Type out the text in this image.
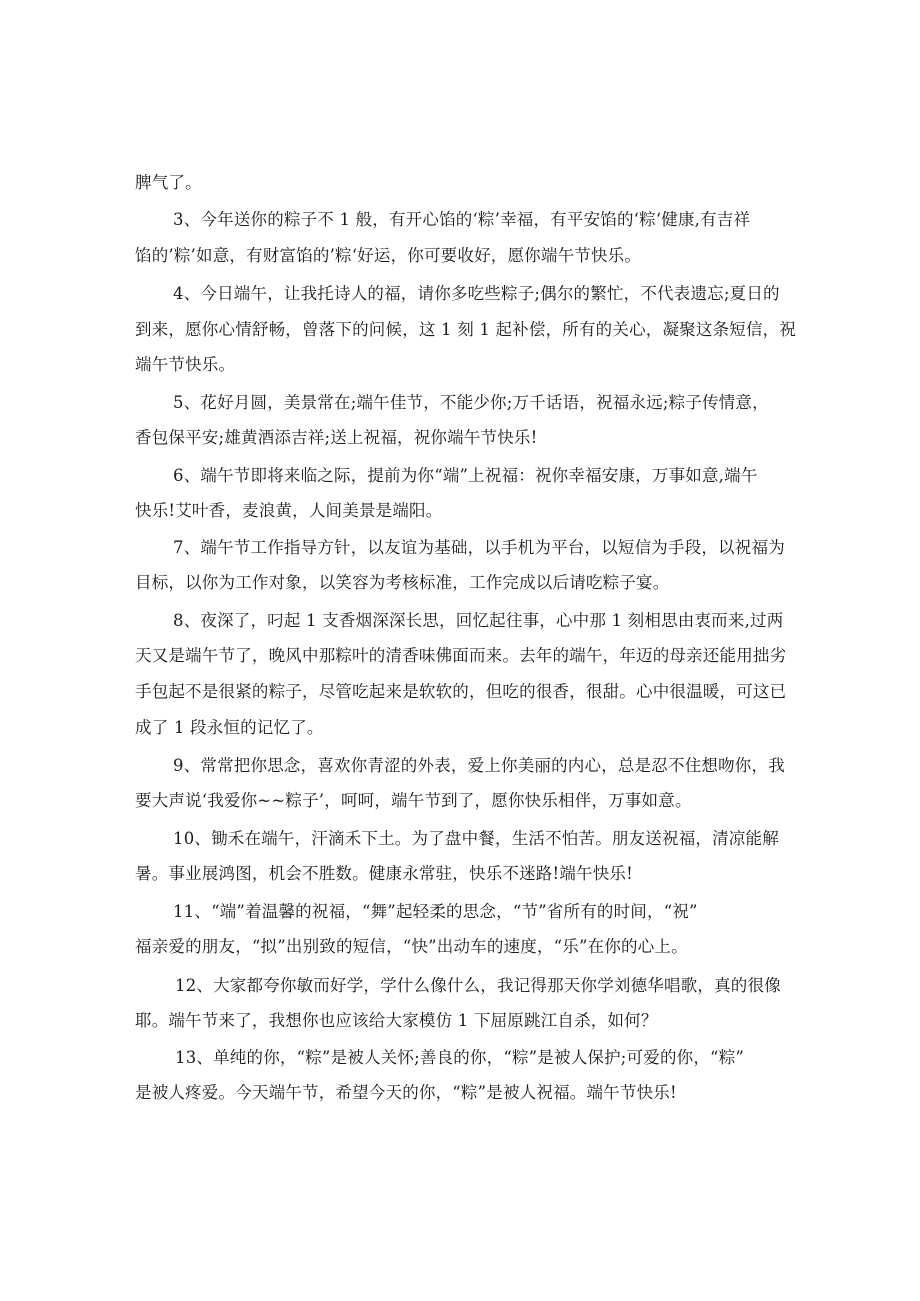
脾气了。
3、今年送你的粽子不 1 般，有开心馅的‘粽’幸福，有平安馅的‘粽‘健康,有吉祥
馅的’粽’如意，有财富馅的’粽‘好运，你可要收好，愿你端午节快乐。
4、今日端午，让我托诗人的福，请你多吃些粽子;偶尔的繁忙，不代表遗忘;夏日的
到来，愿你心情舒畅，曾落下的问候，这 1 刻 1 起补偿，所有的关心，凝聚这条短信，祝
端午节快乐。
5、花好月圆，美景常在;端午佳节，不能少你;万千话语，祝福永远;粽子传情意，
香包保平安;雄黄酒添吉祥;送上祝福，祝你端午节快乐!
6、端午节即将来临之际，提前为你“端”上祝福：祝你幸福安康，万事如意,端午
快乐!艾叶香，麦浪黄，人间美景是端阳。
7、端午节工作指导方针，以友谊为基础，以手机为平台，以短信为手段，以祝福为
目标，以你为工作对象，以笑容为考核标准，工作完成以后请吃粽子宴。
8、夜深了，叼起 1 支香烟深深长思，回忆起往事，心中那 1 刻相思由衷而来,过两
天又是端午节了，晚风中那粽叶的清香味佛面而来。去年的端午，年迈的母亲还能用拙劣
手包起不是很紧的粽子，尽管吃起来是软软的，但吃的很香，很甜。心中很温暖，可这已
成了 1 段永恒的记忆了。
9、常常把你思念，喜欢你青涩的外表，爱上你美丽的内心，总是忍不住想吻你，我
要大声说‘我爱你~~粽子’，呵呵，端午节到了，愿你快乐相伴，万事如意。
10、锄禾在端午，汗滴禾下土。为了盘中餐，生活不怕苦。朋友送祝福，清凉能解
暑。事业展鸿图，机会不胜数。健康永常驻，快乐不迷路!端午快乐!
11、“端”着温馨的祝福，“舞”起轻柔的思念，“节”省所有的时间，“祝”
福亲爱的朋友，“拟”出别致的短信，“快”出动车的速度，“乐”在你的心上。
12、大家都夸你敏而好学，学什么像什么，我记得那天你学刘德华唱歌，真的很像
耶。端午节来了，我想你也应该给大家模仿 1 下屈原跳江自杀，如何？
13、单纯的你，“粽”是被人关怀;善良的你，“粽”是被人保护;可爱的你，“粽”
是被人疼爱。今天端午节，希望今天的你，“粽”是被人祝福。端午节快乐!
